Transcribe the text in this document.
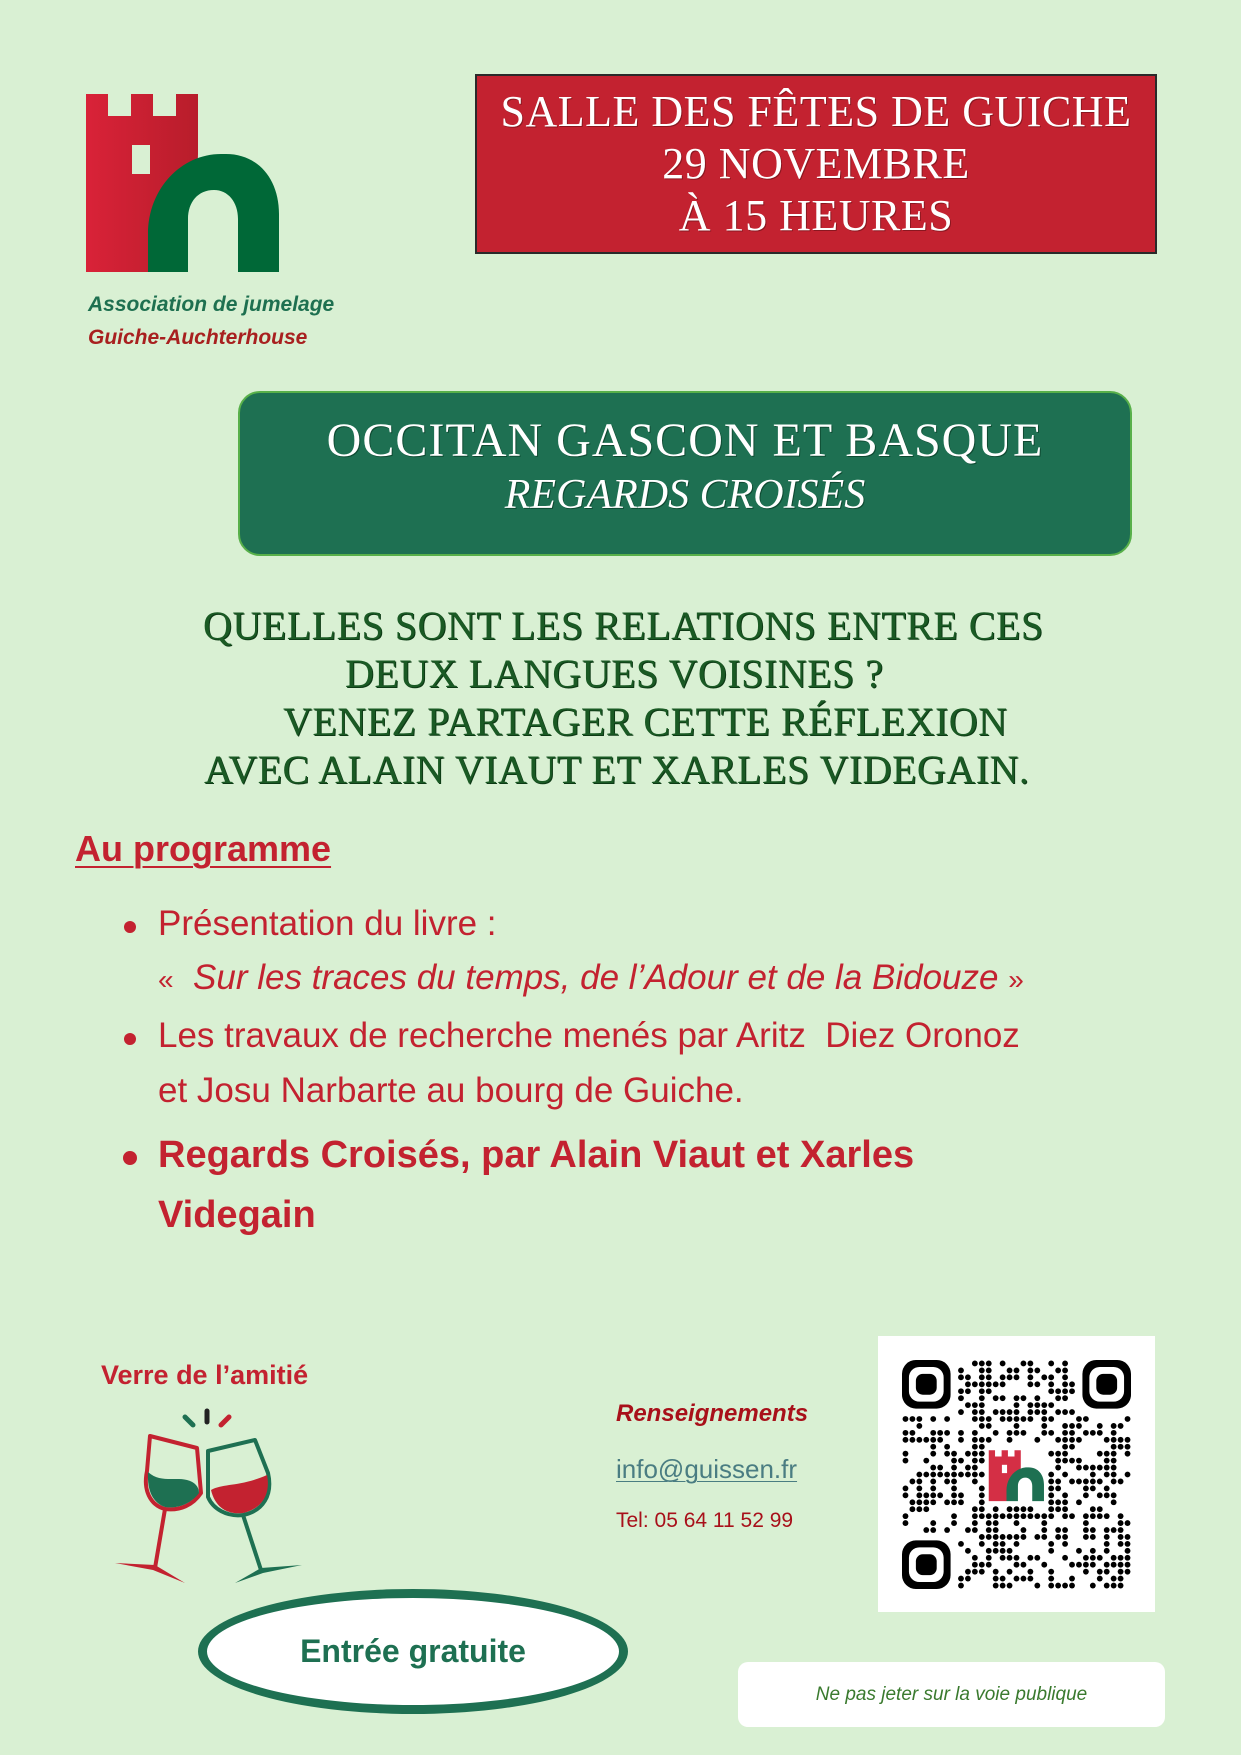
Association de jumelage
Guiche-Auchterhouse
SALLE DES FÊTES DE GUICHE
29 NOVEMBRE
À 15 HEURES
OCCITAN GASCON ET BASQUE
REGARDS CROISÉS
QUELLES SONT LES RELATIONS ENTRE CES
DEUX LANGUES VOISINES ?
VENEZ PARTAGER CETTE RÉFLEXION
AVEC ALAIN VIAUT ET XARLES VIDEGAIN.
Au programme
Présentation du livre :
« Sur les traces du temps, de l’Adour et de la Bidouze »
Les travaux de recherche menés par Aritz  Diez Oronoz
et Josu Narbarte au bourg de Guiche.
Regards Croisés, par Alain Viaut et Xarles
Videgain
Verre de l’amitié
Renseignements
info@guissen.fr
Tel: 05 64 11 52 99
Entrée gratuite
Ne pas jeter sur la voie publique
